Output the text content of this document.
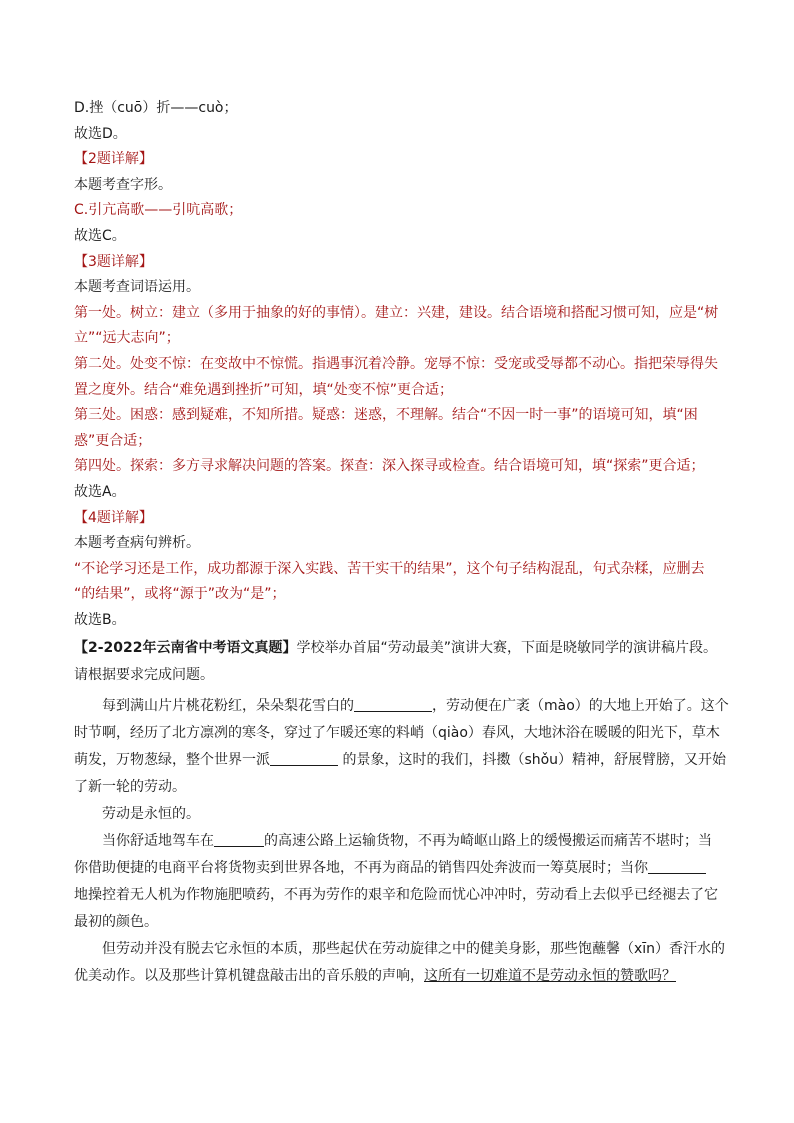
D.挫（cuō）折——cuò；

故选D。

【2题详解】

本题考查字形。

C.引亢高歌——引吭高歌；

故选C。

【3题详解】

本题考查词语运用。

第一处。树立：建立（多用于抽象的好的事情）。建立：兴建，建设。结合语境和搭配习惯可知，应是“树

立”“远大志向”；

第二处。处变不惊：在变故中不惊慌。指遇事沉着冷静。宠辱不惊：受宠或受辱都不动心。指把荣辱得失

置之度外。结合“难免遇到挫折”可知，填“处变不惊”更合适；

第三处。困惑：感到疑难，不知所措。疑惑：迷惑，不理解。结合“不因一时一事”的语境可知，填“困

惑”更合适；

第四处。探索：多方寻求解决问题的答案。探查：深入探寻或检查。结合语境可知，填“探索”更合适；

故选A。

【4题详解】

本题考查病句辨析。

“不论学习还是工作，成功都源于深入实践、苦干实干的结果”，这个句子结构混乱，句式杂糅，应删去

“的结果”，或将“源于”改为“是”；

故选B。

【2-2022年云南省中考语文真题】学校举办首届“劳动最美”演讲大赛，下面是晓敏同学的演讲稿片段。

请根据要求完成问题。

每到满山片片桃花粉红，朵朵梨花雪白的	，劳动便在广袤（mào）的大地上开始了。这个

时节啊，经历了北方凛冽的寒冬，穿过了乍暖还寒的料峭（qiào）春风，大地沐浴在暖暖的阳光下，草木

萌发，万物葱绿，整个世界一派	的景象，这时的我们，抖擞（shǒu）精神，舒展臂膀，又开始

了新一轮的劳动。

劳动是永恒的。

当你舒适地驾车在	的高速公路上运输货物，不再为崎岖山路上的缓慢搬运而痛苦不堪时；当

你借助便捷的电商平台将货物卖到世界各地，不再为商品的销售四处奔波而一筹莫展时；当你

地操控着无人机为作物施肥喷药，不再为劳作的艰辛和危险而忧心冲冲时，劳动看上去似乎已经褪去了它

最初的颜色。

但劳动并没有脱去它永恒的本质，那些起伏在劳动旋律之中的健美身影，那些饱蘸馨（xīn）香汗水的

优美动作。以及那些计算机键盘敲击出的音乐般的声响，这所有一切难道不是劳动永恒的赞歌吗？
